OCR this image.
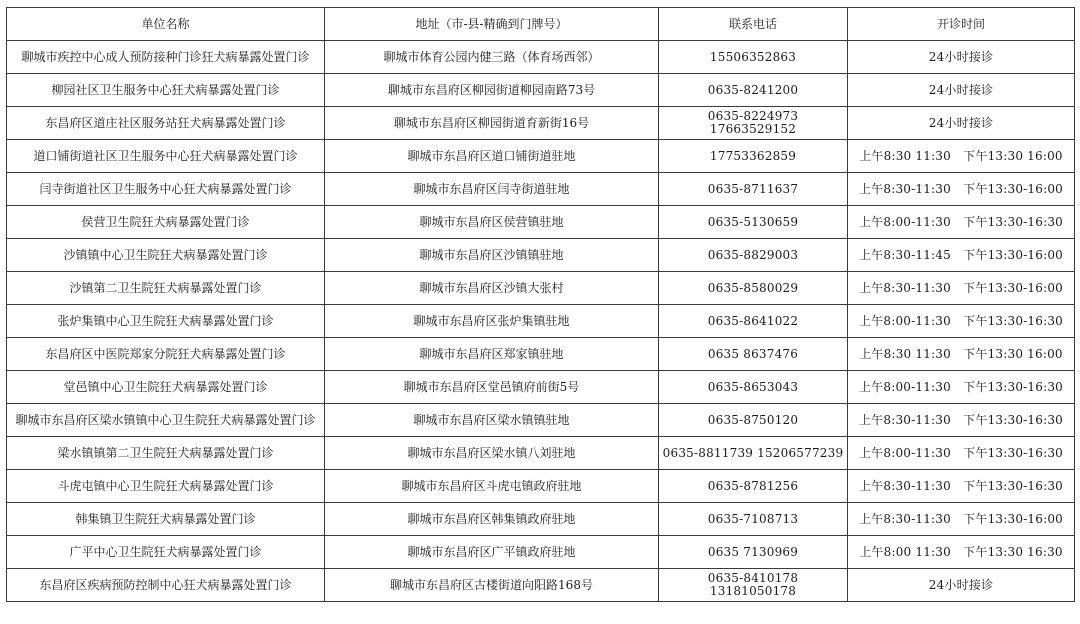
单位名称	地址（市-县-精确到门牌号）	联系电话	开诊时间
聊城市疾控中心成人预防接种门诊狂犬病暴露处置门诊	聊城市体育公园内健三路（体育场西邻）	15506352863	24小时接诊
柳园社区卫生服务中心狂犬病暴露处置门诊	聊城市东昌府区柳园街道柳园南路73号	0635-8241200	24小时接诊
东昌府区道庄社区服务站狂犬病暴露处置门诊	聊城市东昌府区柳园街道育新街16号	0635-8224973　17663529152	24小时接诊
道口铺街道社区卫生服务中心狂犬病暴露处置门诊	聊城市东昌府区道口铺街道驻地	17753362859	上午8:30 11:30　下午13:30 16:00
闫寺街道社区卫生服务中心狂犬病暴露处置门诊	聊城市东昌府区闫寺街道驻地	0635-8711637	上午8:30-11:30　下午13:30-16:00
侯营卫生院狂犬病暴露处置门诊	聊城市东昌府区侯营镇驻地	0635-5130659	上午8:00-11:30　下午13:30-16:30
沙镇镇中心卫生院狂犬病暴露处置门诊	聊城市东昌府区沙镇镇驻地	0635-8829003	上午8:30-11:45　下午13:30-16:00
沙镇第二卫生院狂犬病暴露处置门诊	聊城市东昌府区沙镇大张村	0635-8580029	上午8:30-11:30　下午13:30-16:00
张炉集镇中心卫生院狂犬病暴露处置门诊	聊城市东昌府区张炉集镇驻地	0635-8641022	上午8:00-11:30　下午13:30-16:30
东昌府区中医院郑家分院狂犬病暴露处置门诊	聊城市东昌府区郑家镇驻地	0635 8637476	上午8:30 11:30　下午13:30 16:00
堂邑镇中心卫生院狂犬病暴露处置门诊	聊城市东昌府区堂邑镇府前街5号	0635-8653043	上午8:00-11:30　下午13:30-16:30
聊城市东昌府区梁水镇镇中心卫生院狂犬病暴露处置门诊	聊城市东昌府区梁水镇镇驻地	0635-8750120	上午8:30-11:30　下午13:30-16:30
梁水镇镇第二卫生院狂犬病暴露处置门诊	聊城市东昌府区梁水镇八刘驻地	0635-8811739 15206577239	上午8:00-11:30　下午13:30-16:30
斗虎屯镇中心卫生院狂犬病暴露处置门诊	聊城市东昌府区斗虎屯镇政府驻地	0635-8781256	上午8:30-11:30　下午13:30-16:30
韩集镇卫生院狂犬病暴露处置门诊	聊城市东昌府区韩集镇政府驻地	0635-7108713	上午8:30-11:30　下午13:30-16:00
广平中心卫生院狂犬病暴露处置门诊	聊城市东昌府区广平镇政府驻地	0635 7130969	上午8:00 11:30　下午13:30 16:30
东昌府区疾病预防控制中心狂犬病暴露处置门诊	聊城市东昌府区古楼街道向阳路168号	0635-8410178　13181050178	24小时接诊
